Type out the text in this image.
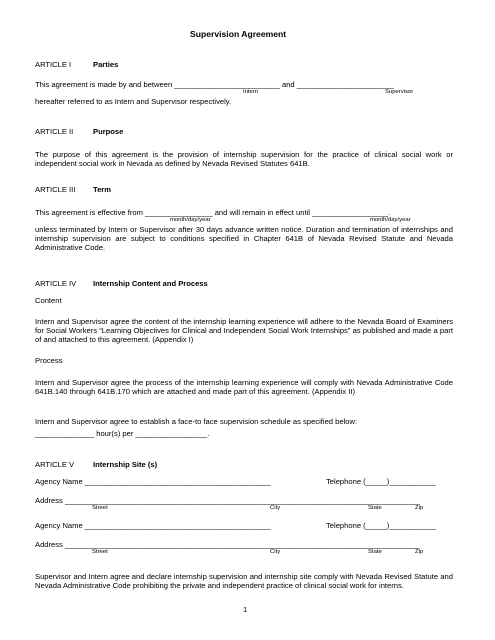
Supervision Agreement
ARTICLE I	Parties
This agreement is made by and between _________________________ and _______________________
Intern	Supervisor
hereafter referred to as Intern and Supervisor respectively.
ARTICLE II	Purpose
The purpose of this agreement is the provision of internship supervision for the practice of clinical social work or independent social work in Nevada as defined by Nevada Revised Statutes 641B.
ARTICLE III Term
This agreement is effective from ________________ and will remain in effect until __________________.
month/day/year	month/day/year
unless terminated by Intern or Supervisor after 30 days advance written notice. Duration and termination of internships and internship supervision are subject to conditions specified in Chapter 641B of Nevada Revised Statute and Nevada Administrative Code.
ARTICLE IV Internship Content and Process
Content
Intern and Supervisor agree the content of the internship learning experience will adhere to the Nevada Board of Examiners for Social Workers “Learning Objectives for Clinical and Independent Social Work Internships” as published and made a part of and attached to this agreement. (Appendix I)
Process
Intern and Supervisor agree the process of the internship learning experience will comply with Nevada Administrative Code 641B.140 through 641B.170 which are attached and made part of this agreement. (Appendix II)
Intern and Supervisor agree to establish a face-to face supervision schedule as specified below:
______________ hour(s) per _________________.
ARTICLE V Internship Site (s)
Agency Name ____________________________________________	Telephone (_____)___________
Address ____________________________________________________________________________________
Street	City	State	Zip
Agency Name ____________________________________________	Telephone (_____)___________
Address ____________________________________________________________________________________
Street	City	State	Zip
Supervisor and Intern agree and declare internship supervision and internship site comply with Nevada Revised Statute and Nevada Administrative Code prohibiting the private and independent practice of clinical social work for interns.
1
